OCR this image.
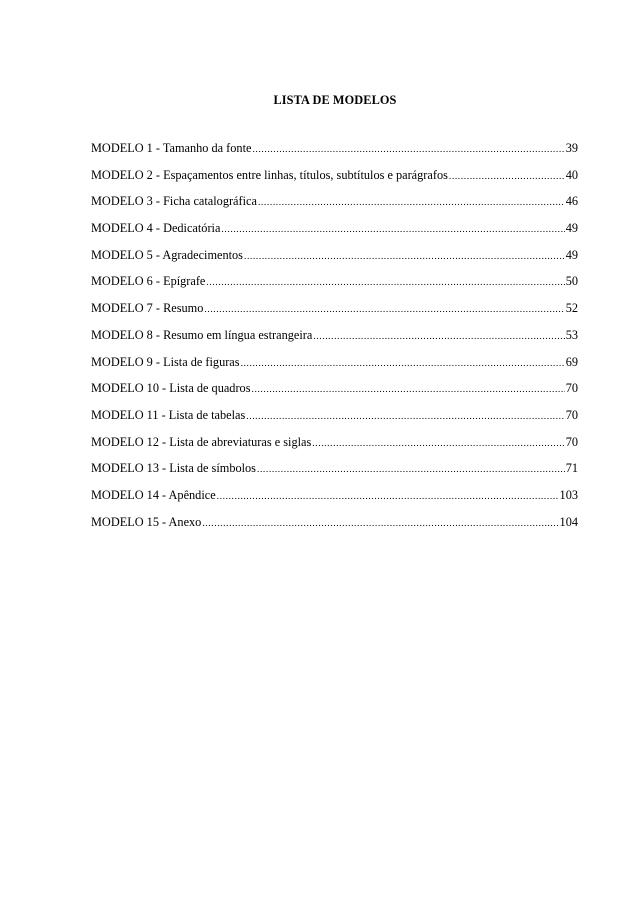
LISTA DE MODELOS
MODELO 1 - Tamanho da fonte .....	39
MODELO 2 - Espaçamentos entre linhas, títulos, subtítulos e parágrafos .....	40
MODELO 3 - Ficha catalográfica .....	46
MODELO 4 - Dedicatória .....	49
MODELO 5 - Agradecimentos .....	49
MODELO 6 - Epígrafe .....	50
MODELO 7 - Resumo .....	52
MODELO 8 - Resumo em língua estrangeira .....	53
MODELO 9 - Lista de figuras .....	69
MODELO 10 - Lista de quadros .....	70
MODELO 11 - Lista de tabelas .....	70
MODELO 12 - Lista de abreviaturas e siglas .....	70
MODELO 13 - Lista de símbolos .....	71
MODELO 14 - Apêndice .....	103
MODELO 15 - Anexo .....	104
